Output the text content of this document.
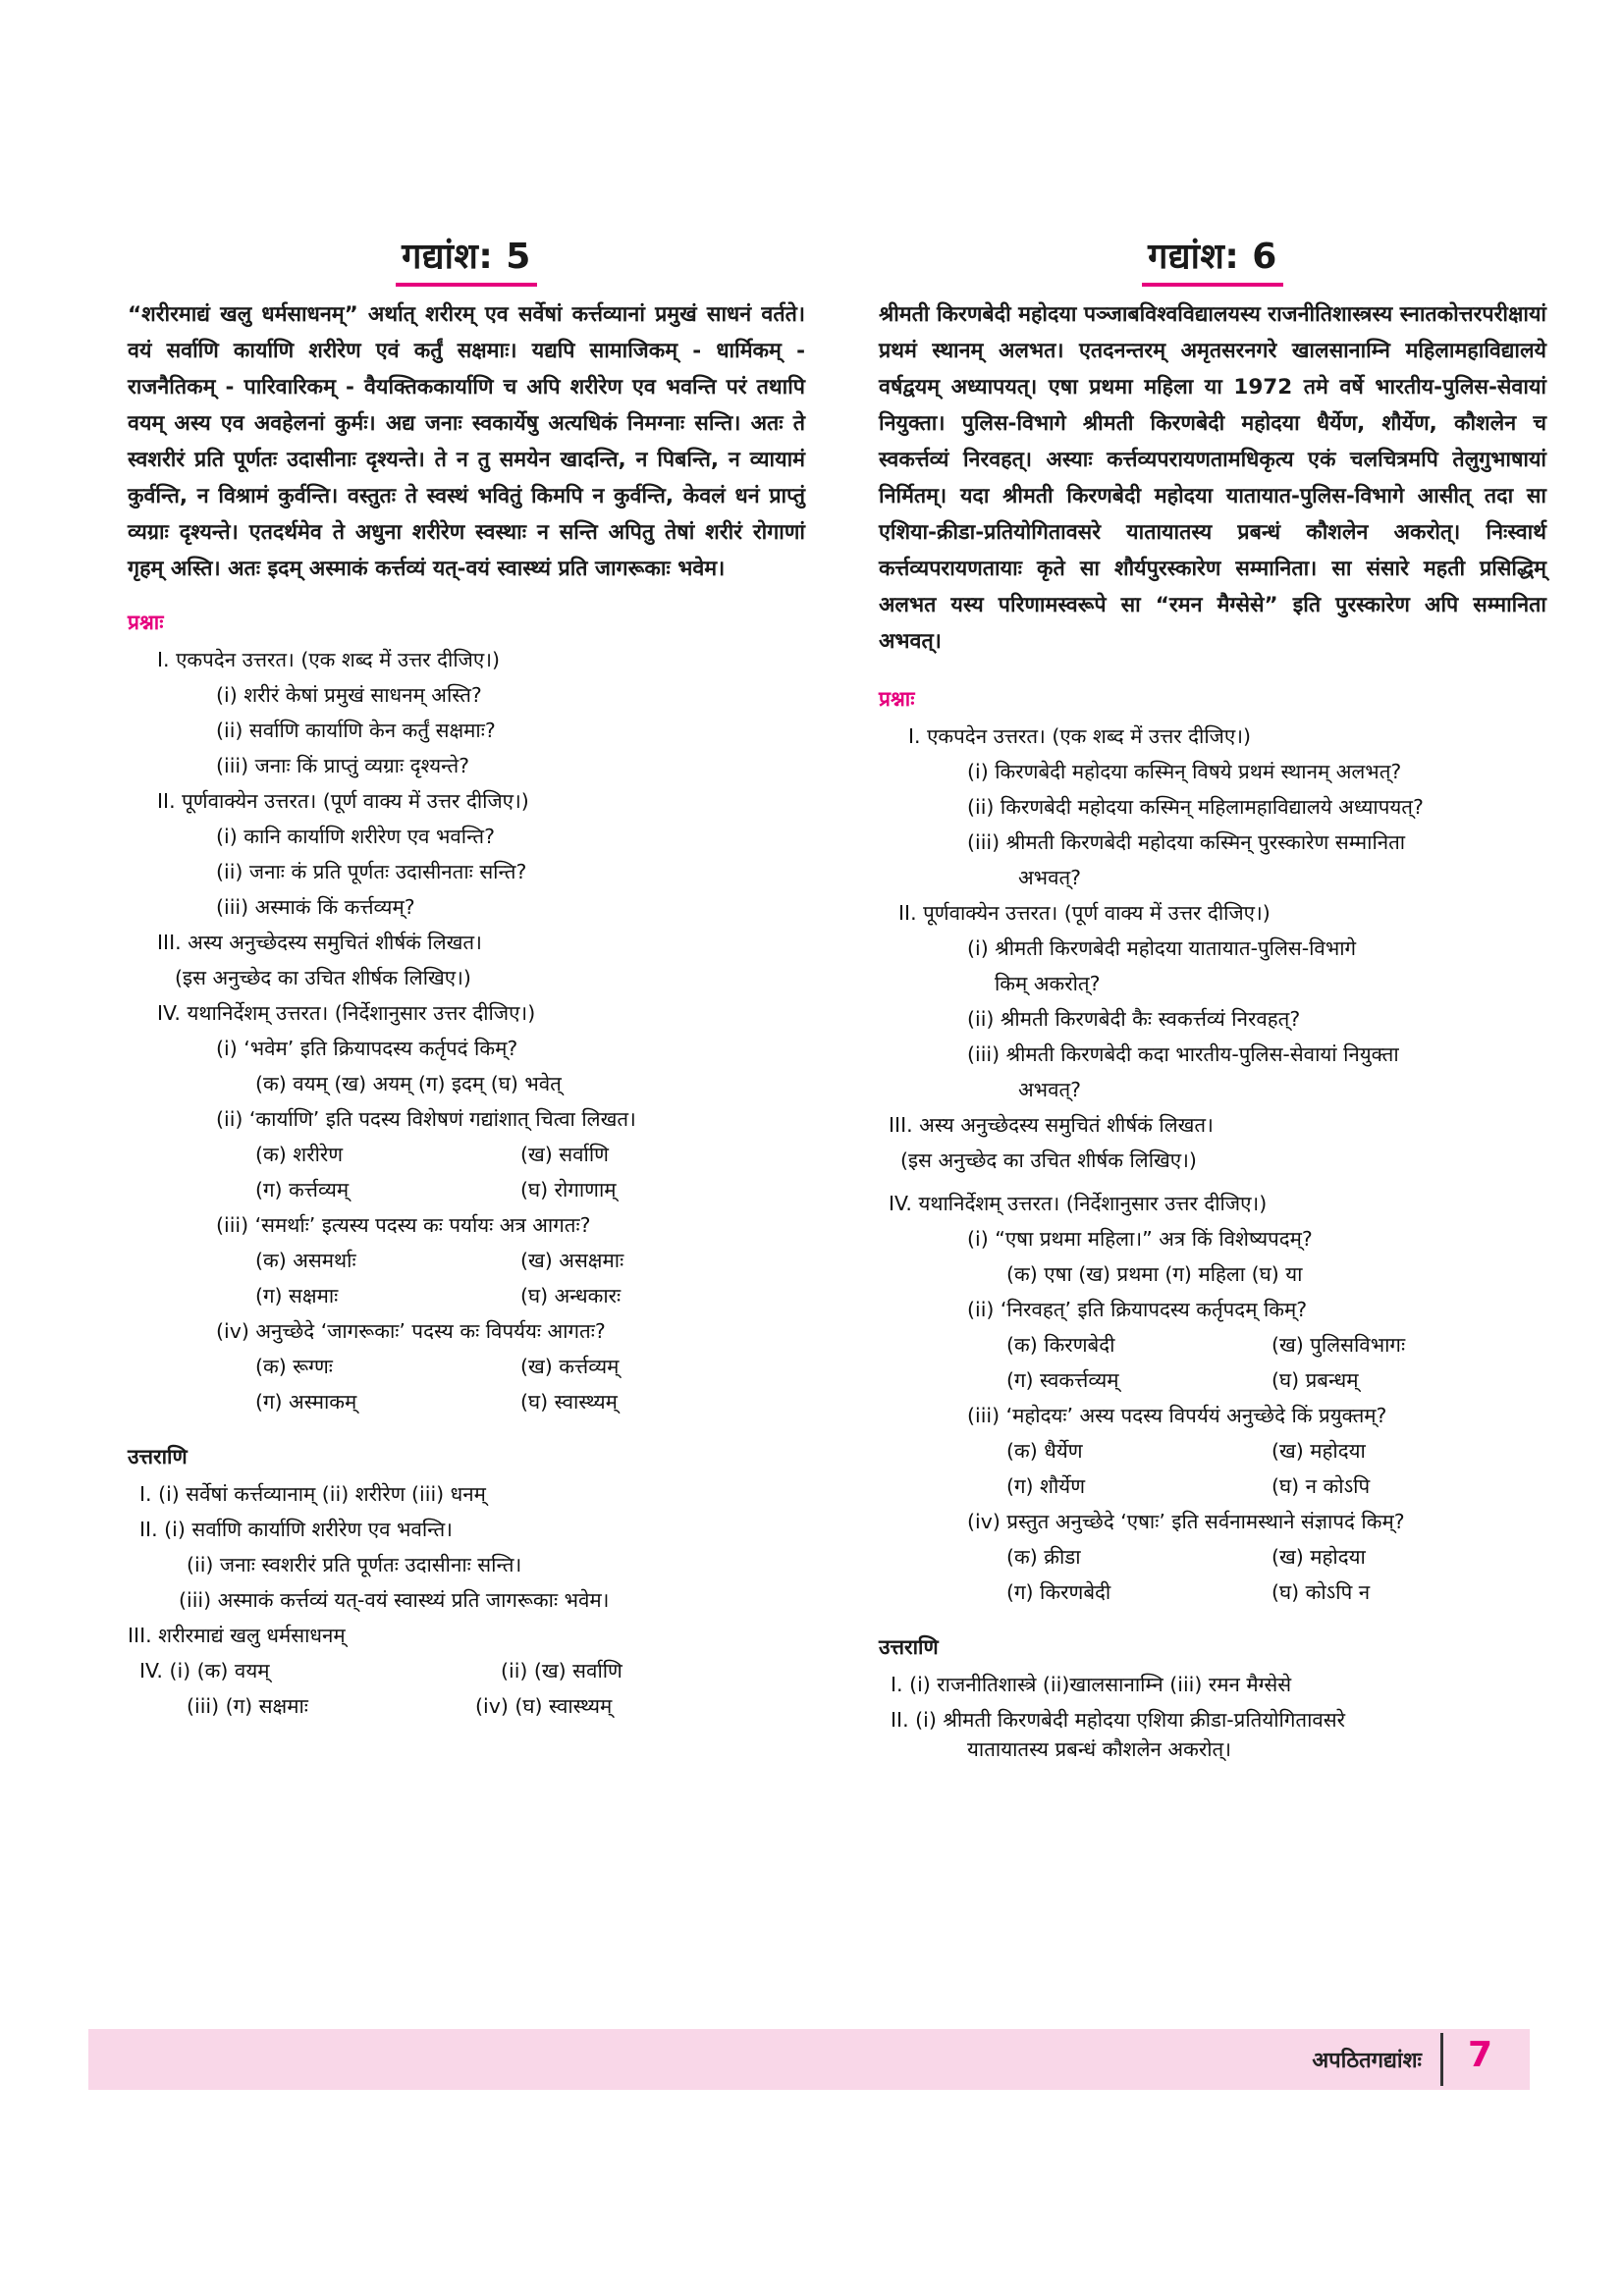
गद्यांश: 5

“शरीरमाद्यं खलु धर्मसाधनम्” अर्थात् शरीरम् एव सर्वेषां कर्त्तव्यानां प्रमुखं साधनं वर्तते। वयं सर्वाणि कार्याणि शरीरेण एवं कर्तुं सक्षमाः। यद्यपि सामाजिकम् - धार्मिकम् - राजनैतिकम् - पारिवारिकम् - वैयक्तिककार्याणि च अपि शरीरेण एव भवन्ति परं तथापि वयम् अस्य एव अवहेलनां कुर्मः। अद्य जनाः स्वकार्येषु अत्यधिकं निमग्नाः सन्ति। अतः ते स्वशरीरं प्रति पूर्णतः उदासीनाः दृश्यन्ते। ते न तु समयेन खादन्ति, न पिबन्ति, न व्यायामं कुर्वन्ति, न विश्रामं कुर्वन्ति। वस्तुतः ते स्वस्थं भवितुं किमपि न कुर्वन्ति, केवलं धनं प्राप्तुं व्यग्राः दृश्यन्ते। एतदर्थमेव ते अधुना शरीरेण स्वस्थाः न सन्ति अपितु तेषां शरीरं रोगाणां गृहम् अस्ति। अतः इदम् अस्माकं कर्त्तव्यं यत्-वयं स्वास्थ्यं प्रति जागरूकाः भवेम।

प्रश्नाः
I. एकपदेन उत्तरत। (एक शब्द में उत्तर दीजिए।)
(i) शरीरं केषां प्रमुखं साधनम् अस्ति?
(ii) सर्वाणि कार्याणि केन कर्तुं सक्षमाः?
(iii) जनाः किं प्राप्तुं व्यग्राः दृश्यन्ते?
II. पूर्णवाक्येन उत्तरत। (पूर्ण वाक्य में उत्तर दीजिए।)
(i) कानि कार्याणि शरीरेण एव भवन्ति?
(ii) जनाः कं प्रति पूर्णतः उदासीनताः सन्ति?
(iii) अस्माकं किं कर्त्तव्यम्?
III. अस्य अनुच्छेदस्य समुचितं शीर्षकं लिखत।
(इस अनुच्छेद का उचित शीर्षक लिखिए।)
IV. यथानिर्देशम् उत्तरत। (निर्देशानुसार उत्तर दीजिए।)
(i) ‘भवेम’ इति क्रियापदस्य कर्तृपदं किम्?
(क) वयम् (ख) अयम् (ग) इदम् (घ) भवेत्
(ii) ‘कार्याणि’ इति पदस्य विशेषणं गद्यांशात् चित्वा लिखत।
(क) शरीरेण	(ख) सर्वाणि
(ग) कर्त्तव्यम्	(घ) रोगाणाम्
(iii) ‘समर्थाः’ इत्यस्य पदस्य कः पर्यायः अत्र आगतः?
(क) असमर्थाः	(ख) असक्षमाः
(ग) सक्षमाः	(घ) अन्धकारः
(iv) अनुच्छेदे ‘जागरूकाः’ पदस्य कः विपर्ययः आगतः?
(क) रूग्णः	(ख) कर्त्तव्यम्
(ग) अस्माकम्	(घ) स्वास्थ्यम्
उत्तराणि
I. (i) सर्वेषां कर्त्तव्यानाम् (ii) शरीरेण (iii) धनम्
II. (i) सर्वाणि कार्याणि शरीरेण एव भवन्ति।
(ii) जनाः स्वशरीरं प्रति पूर्णतः उदासीनाः सन्ति।
(iii) अस्माकं कर्त्तव्यं यत्-वयं स्वास्थ्यं प्रति जागरूकाः भवेम।
III. शरीरमाद्यं खलु धर्मसाधनम्
IV. (i) (क) वयम्	(ii) (ख) सर्वाणि
(iii) (ग) सक्षमाः	(iv) (घ) स्वास्थ्यम्
गद्यांश: 6

श्रीमती किरणबेदी महोदया पञ्जाबविश्वविद्यालयस्य राजनीतिशास्त्रस्य स्नातकोत्तरपरीक्षायां प्रथमं स्थानम् अलभत। एतदनन्तरम् अमृतसरनगरे खालसानाम्नि महिलामहाविद्यालये वर्षद्वयम् अध्यापयत्। एषा प्रथमा महिला या 1972 तमे वर्षे भारतीय-पुलिस-सेवायां नियुक्ता। पुलिस-विभागे श्रीमती किरणबेदी महोदया धैर्येण, शौर्येण, कौशलेन च स्वकर्त्तव्यं निरवहत्। अस्याः कर्त्तव्यपरायणतामधिकृत्य एकं चलचित्रमपि तेलुगुभाषायां निर्मितम्। यदा श्रीमती किरणबेदी महोदया यातायात-पुलिस-विभागे आसीत् तदा सा एशिया-क्रीडा-प्रतियोगितावसरे यातायातस्य प्रबन्धं कौशलेन अकरोत्। निःस्वार्थ कर्त्तव्यपरायणतायाः कृते सा शौर्यपुरस्कारेण सम्मानिता। सा संसारे महती प्रसिद्धिम् अलभत यस्य परिणामस्वरूपे सा “रमन मैग्सेसे” इति पुरस्कारेण अपि सम्मानिता अभवत्।

प्रश्नाः
I. एकपदेन उत्तरत। (एक शब्द में उत्तर दीजिए।)
(i) किरणबेदी महोदया कस्मिन् विषये प्रथमं स्थानम् अलभत्?
(ii) किरणबेदी महोदया कस्मिन् महिलामहाविद्यालये अध्यापयत्?
(iii) श्रीमती किरणबेदी महोदया कस्मिन् पुरस्कारेण सम्मानिता
अभवत्?
II. पूर्णवाक्येन उत्तरत। (पूर्ण वाक्य में उत्तर दीजिए।)
(i) श्रीमती किरणबेदी महोदया यातायात-पुलिस-विभागे
किम् अकरोत्?
(ii) श्रीमती किरणबेदी कैः स्वकर्त्तव्यं निरवहत्?
(iii) श्रीमती किरणबेदी कदा भारतीय-पुलिस-सेवायां नियुक्ता
अभवत्?
III. अस्य अनुच्छेदस्य समुचितं शीर्षकं लिखत।
(इस अनुच्छेद का उचित शीर्षक लिखिए।)
IV. यथानिर्देशम् उत्तरत। (निर्देशानुसार उत्तर दीजिए।)
(i) “एषा प्रथमा महिला।” अत्र किं विशेष्यपदम्?
(क) एषा (ख) प्रथमा (ग) महिला (घ) या
(ii) ‘निरवहत्’ इति क्रियापदस्य कर्तृपदम् किम्?
(क) किरणबेदी	(ख) पुलिसविभागः
(ग) स्वकर्त्तव्यम्	(घ) प्रबन्धम्
(iii) ‘महोदयः’ अस्य पदस्य विपर्ययं अनुच्छेदे किं प्रयुक्तम्?
(क) धैर्येण	(ख) महोदया
(ग) शौर्येण	(घ) न कोऽपि
(iv) प्रस्तुत अनुच्छेदे ‘एषाः’ इति सर्वनामस्थाने संज्ञापदं किम्?
(क) क्रीडा	(ख) महोदया
(ग) किरणबेदी	(घ) कोऽपि न
उत्तराणि
I. (i) राजनीतिशास्त्रे (ii)खालसानाम्नि (iii) रमन मैग्सेसे
II. (i) श्रीमती किरणबेदी महोदया एशिया क्रीडा-प्रतियोगितावसरे
यातायातस्य प्रबन्धं कौशलेन अकरोत्।
अपठितगद्यांशः 7
